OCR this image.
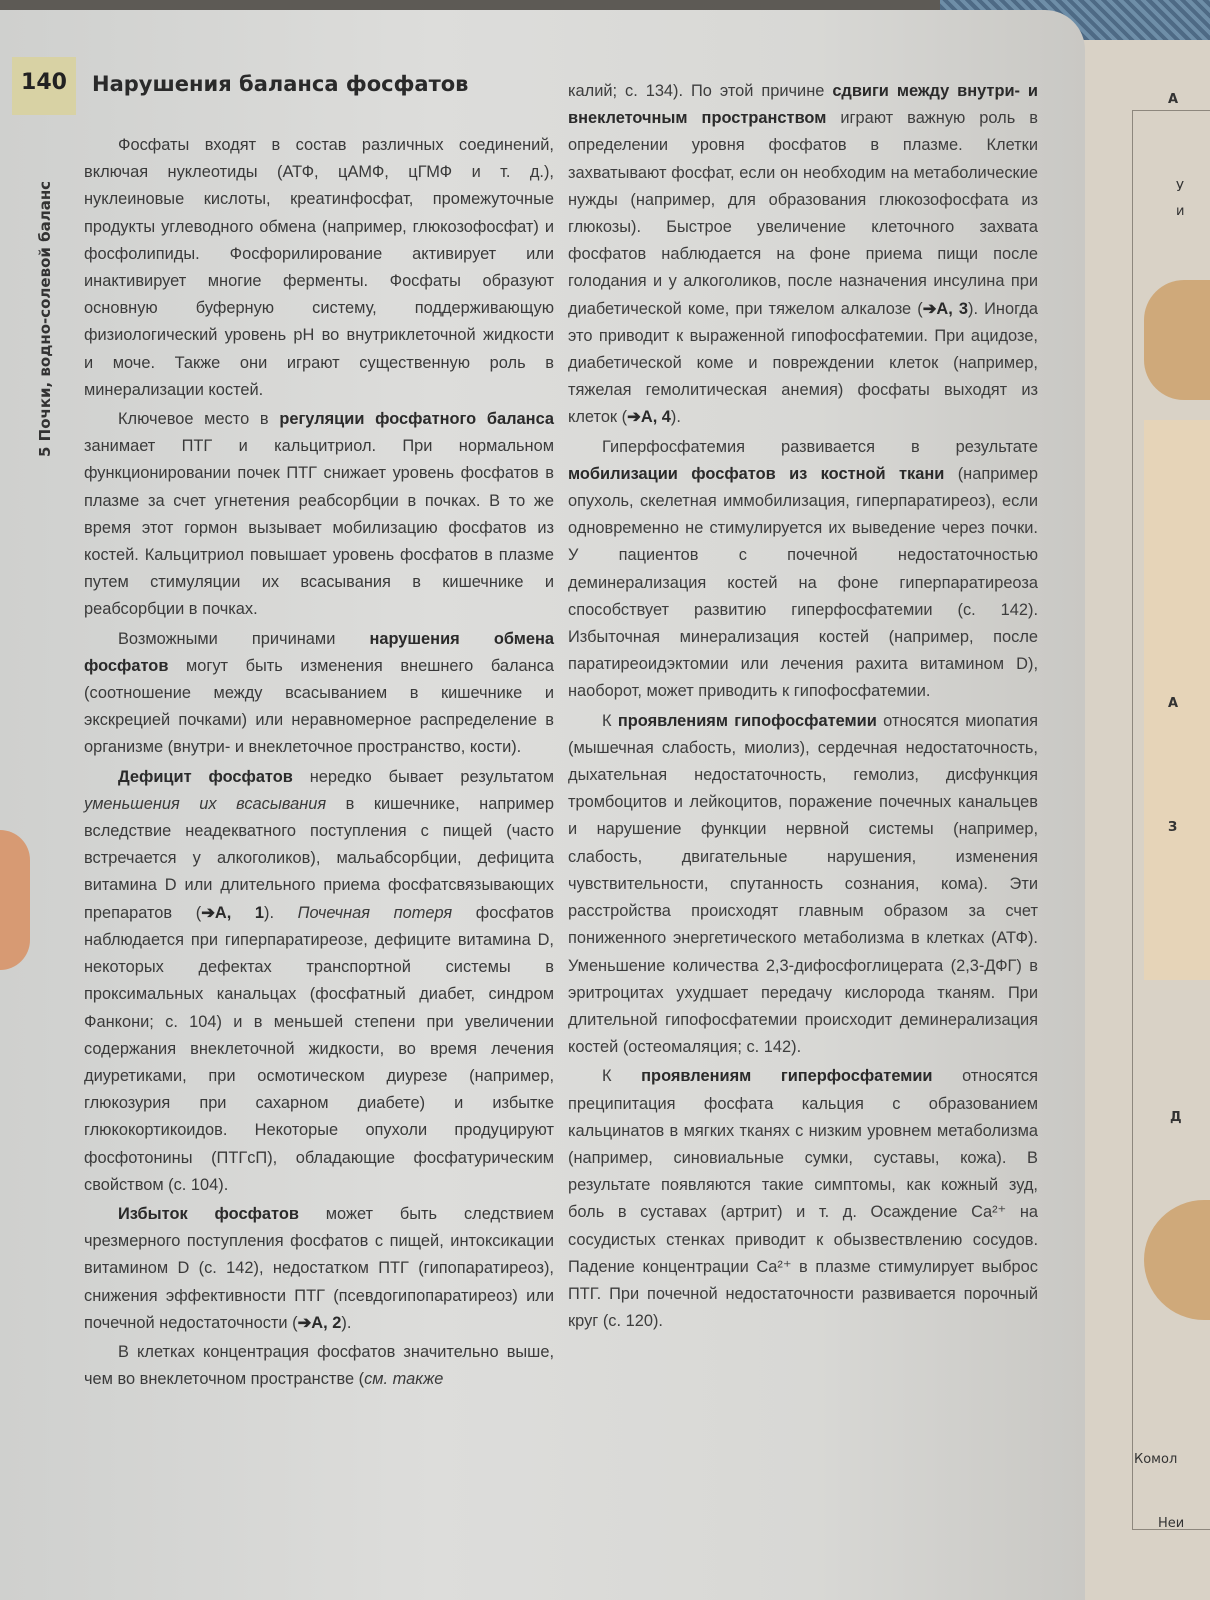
А
У
и
А
З
Д
Комол
Неи
140	Нарушения баланса фосфатов
5 Почки, водно-солевой баланс

Фосфаты входят в состав различных соединений, включая нуклеотиды (АТФ, цАМФ, цГМФ и т. д.), нуклеиновые кислоты, креатинфосфат, промежуточные продукты углеводного обмена (например, глюкозофосфат) и фосфолипиды. Фосфорилирование активирует или инактивирует многие ферменты. Фосфаты образуют основную буферную систему, поддерживающую физиологический уровень pH во внутриклеточной жидкости и моче. Также они играют существенную роль в минерализации костей.

Ключевое место в регуляции фосфатного баланса занимает ПТГ и кальцитриол. При нормальном функционировании почек ПТГ снижает уровень фосфатов в плазме за счет угнетения реабсорбции в почках. В то же время этот гормон вызывает мобилизацию фосфатов из костей. Кальцитриол повышает уровень фосфатов в плазме путем стимуляции их всасывания в кишечнике и реабсорбции в почках.

Возможными причинами нарушения обмена фосфатов могут быть изменения внешнего баланса (соотношение между всасыванием в кишечнике и экскрецией почками) или неравномерное распределение в организме (внутри- и внеклеточное пространство, кости).

Дефицит фосфатов нередко бывает результатом уменьшения их всасывания в кишечнике, например вследствие неадекватного поступления с пищей (часто встречается у алкоголиков), мальабсорбции, дефицита витамина D или длительного приема фосфатсвязывающих препаратов (➔А, 1). Почечная потеря фосфатов наблюдается при гиперпаратиреозе, дефиците витамина D, некоторых дефектах транспортной системы в проксимальных канальцах (фосфатный диабет, синдром Фанкони; с. 104) и в меньшей степени при увеличении содержания внеклеточной жидкости, во время лечения диуретиками, при осмотическом диурезе (например, глюкозурия при сахарном диабете) и избытке глюкокортикоидов. Некоторые опухоли продуцируют фосфотонины (ПТГсП), обладающие фосфатурическим свойством (с. 104).

Избыток фосфатов может быть следствием чрезмерного поступления фосфатов с пищей, интоксикации витамином D (с. 142), недостатком ПТГ (гипопаратиреоз), снижения эффективности ПТГ (псевдогипопаратиреоз) или почечной недостаточности (➔А, 2).

В клетках концентрация фосфатов значительно выше, чем во внеклеточном пространстве (см. также

калий; с. 134). По этой причине сдвиги между внутри- и внеклеточным пространством играют важную роль в определении уровня фосфатов в плазме. Клетки захватывают фосфат, если он необходим на метаболические нужды (например, для образования глюкозофосфата из глюкозы). Быстрое увеличение клеточного захвата фосфатов наблюдается на фоне приема пищи после голодания и у алкоголиков, после назначения инсулина при диабетической коме, при тяжелом алкалозе (➔А, 3). Иногда это приводит к выраженной гипофосфатемии. При ацидозе, диабетической коме и повреждении клеток (например, тяжелая гемолитическая анемия) фосфаты выходят из клеток (➔А, 4).

Гиперфосфатемия развивается в результате мобилизации фосфатов из костной ткани (например опухоль, скелетная иммобилизация, гиперпаратиреоз), если одновременно не стимулируется их выведение через почки. У пациентов с почечной недостаточностью деминерализация костей на фоне гиперпаратиреоза способствует развитию гиперфосфатемии (с. 142). Избыточная минерализация костей (например, после паратиреоидэктомии или лечения рахита витамином D), наоборот, может приводить к гипофосфатемии.

К проявлениям гипофосфатемии относятся миопатия (мышечная слабость, миолиз), сердечная недостаточность, дыхательная недостаточность, гемолиз, дисфункция тромбоцитов и лейкоцитов, поражение почечных канальцев и нарушение функции нервной системы (например, слабость, двигательные нарушения, изменения чувствительности, спутанность сознания, кома). Эти расстройства происходят главным образом за счет пониженного энергетического метаболизма в клетках (АТФ). Уменьшение количества 2,3-дифосфоглицерата (2,3-ДФГ) в эритроцитах ухудшает передачу кислорода тканям. При длительной гипофосфатемии происходит деминерализация костей (остеомаляция; с. 142).

К проявлениям гиперфосфатемии относятся преципитация фосфата кальция с образованием кальцинатов в мягких тканях с низким уровнем метаболизма (например, синовиальные сумки, суставы, кожа). В результате появляются такие симптомы, как кожный зуд, боль в суставах (артрит) и т. д. Осаждение Ca²⁺ на сосудистых стенках приводит к обызвествлению сосудов. Падение концентрации Ca²⁺ в плазме стимулирует выброс ПТГ. При почечной недостаточности развивается порочный круг (с. 120).
